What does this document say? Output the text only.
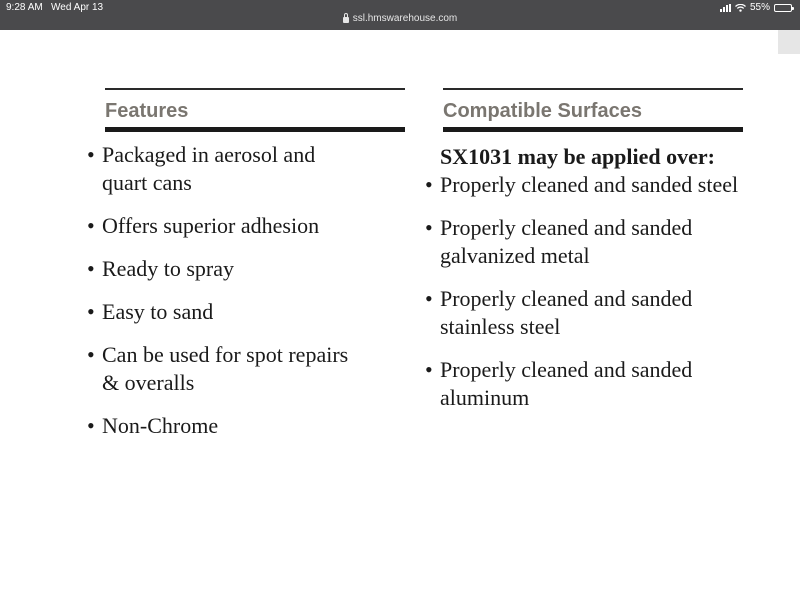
9:28 AM Wed Apr 13	55%
ssl.hmswarehouse.com
Features
• Packaged in aerosol and
quart cans
• Offers superior adhesion
• Ready to spray
• Easy to sand
• Can be used for spot repairs
& overalls
• Non-Chrome
Compatible Surfaces
SX1031 may be applied over:
• Properly cleaned and sanded steel
• Properly cleaned and sanded
galvanized metal
• Properly cleaned and sanded
stainless steel
• Properly cleaned and sanded
aluminum
